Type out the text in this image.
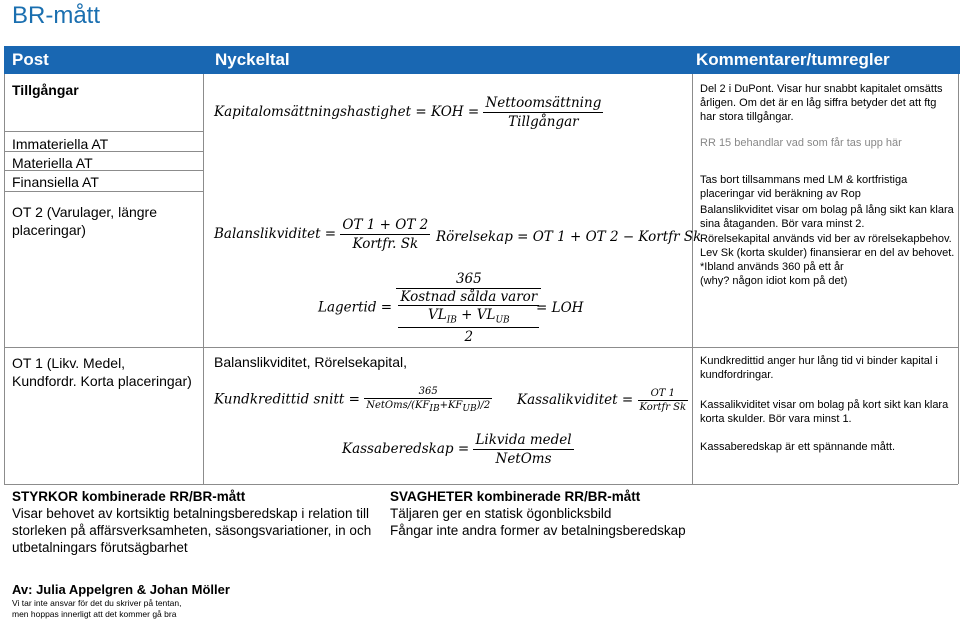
BR-mått
Post	Nyckeltal	Kommentarer/tumregler
Tillgångar
Immateriella AT
Materiella AT
Finansiella AT
OT 2 (Varulager, längre placeringar)
OT 1 (Likv. Medel, Kundfordr. Korta placeringar)
Kapitalomsättningshastighet = KOH = $\frac{\text{Nettoomsättning}}{\text{Tillgångar}}$
Balanslikviditet = $\frac{OT 1 + OT 2}{\text{Kortfr. Sk}}$ Rörelsekap = OT 1 + OT 2 − Kortfr Sk
Lagertid = 365
Kostnad sålda varor
$VL_{IB} + VL_{UB}$
2
= LOH
Balanslikviditet, Rörelsekapital,
Kundkredittid snitt = $\frac{365}{NetOms/(KF_{IB}+KF_{UB})/2}$ Kassalikviditet = $\frac{OT 1}{\text{Kortfr Sk}}$
Kassaberedskap = $\frac{\text{Likvida medel}}{\text{NetOms}}$
Del 2 i DuPont. Visar hur snabbt kapitalet omsätts årligen. Om det är en låg siffra betyder det att ftg har stora tillgångar.
RR 15 behandlar vad som får tas upp här
Tas bort tillsammans med LM & kortfristiga placeringar vid beräkning av Rop
Balanslikviditet visar om bolag på lång sikt kan klara sina åtaganden. Bör vara minst 2.
Rörelsekapital används vid ber av rörelsekapbehov.
Lev Sk (korta skulder) finansierar en del av behovet.
*Ibland används 360 på ett år
(why? någon idiot kom på det)
Kundkredittid anger hur lång tid vi binder kapital i kundfordringar.
Kassalikviditet visar om bolag på kort sikt kan klara korta skulder. Bör vara minst 1.
Kassaberedskap är ett spännande mått.
STYRKOR kombinerade RR/BR-mått
Visar behovet av kortsiktig betalningsberedskap i relation till storleken på affärsverksamheten, säsongsvariationer, in och utbetalningars förutsägbarhet
SVAGHETER kombinerade RR/BR-mått
Täljaren ger en statisk ögonblicksbild
Fångar inte andra former av betalningsberedskap
Av: Julia Appelgren & Johan Möller
Vi tar inte ansvar för det du skriver på tentan,
men hoppas innerligt att det kommer gå bra
